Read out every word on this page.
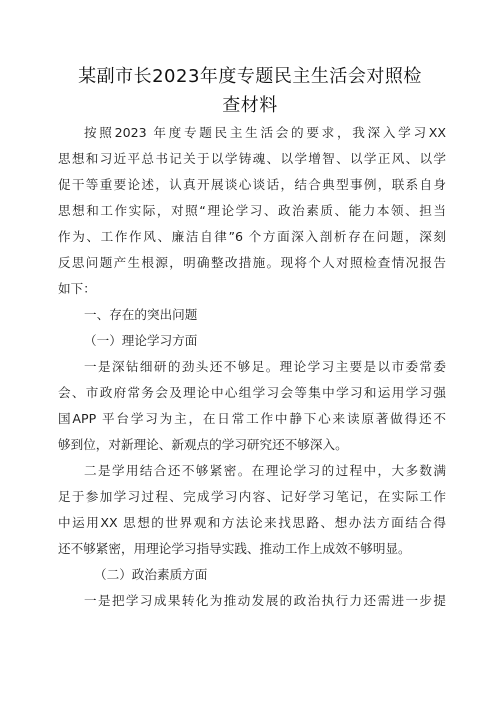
某副市长2023年度专题民主生活会对照检
查材料
按照2023 年度专题民主生活会的要求，我深入学习XX
思想和习近平总书记关于以学铸魂、以学增智、以学正风、以学
促干等重要论述，认真开展谈心谈话，结合典型事例，联系自身
思想和工作实际，对照“理论学习、政治素质、能力本领、担当
作为、工作作风、廉洁自律”6 个方面深入剖析存在问题，深刻
反思问题产生根源，明确整改措施。现将个人对照检查情况报告
如下：
一、存在的突出问题
（一）理论学习方面
一是深钻细研的劲头还不够足。理论学习主要是以市委常委
会、市政府常务会及理论中心组学习会等集中学习和运用学习强
国APP 平台学习为主，在日常工作中静下心来读原著做得还不
够到位，对新理论、新观点的学习研究还不够深入。
二是学用结合还不够紧密。在理论学习的过程中，大多数满
足于参加学习过程、完成学习内容、记好学习笔记，在实际工作
中运用XX 思想的世界观和方法论来找思路、想办法方面结合得
还不够紧密，用理论学习指导实践、推动工作上成效不够明显。
（二）政治素质方面
一是把学习成果转化为推动发展的政治执行力还需进一步提
